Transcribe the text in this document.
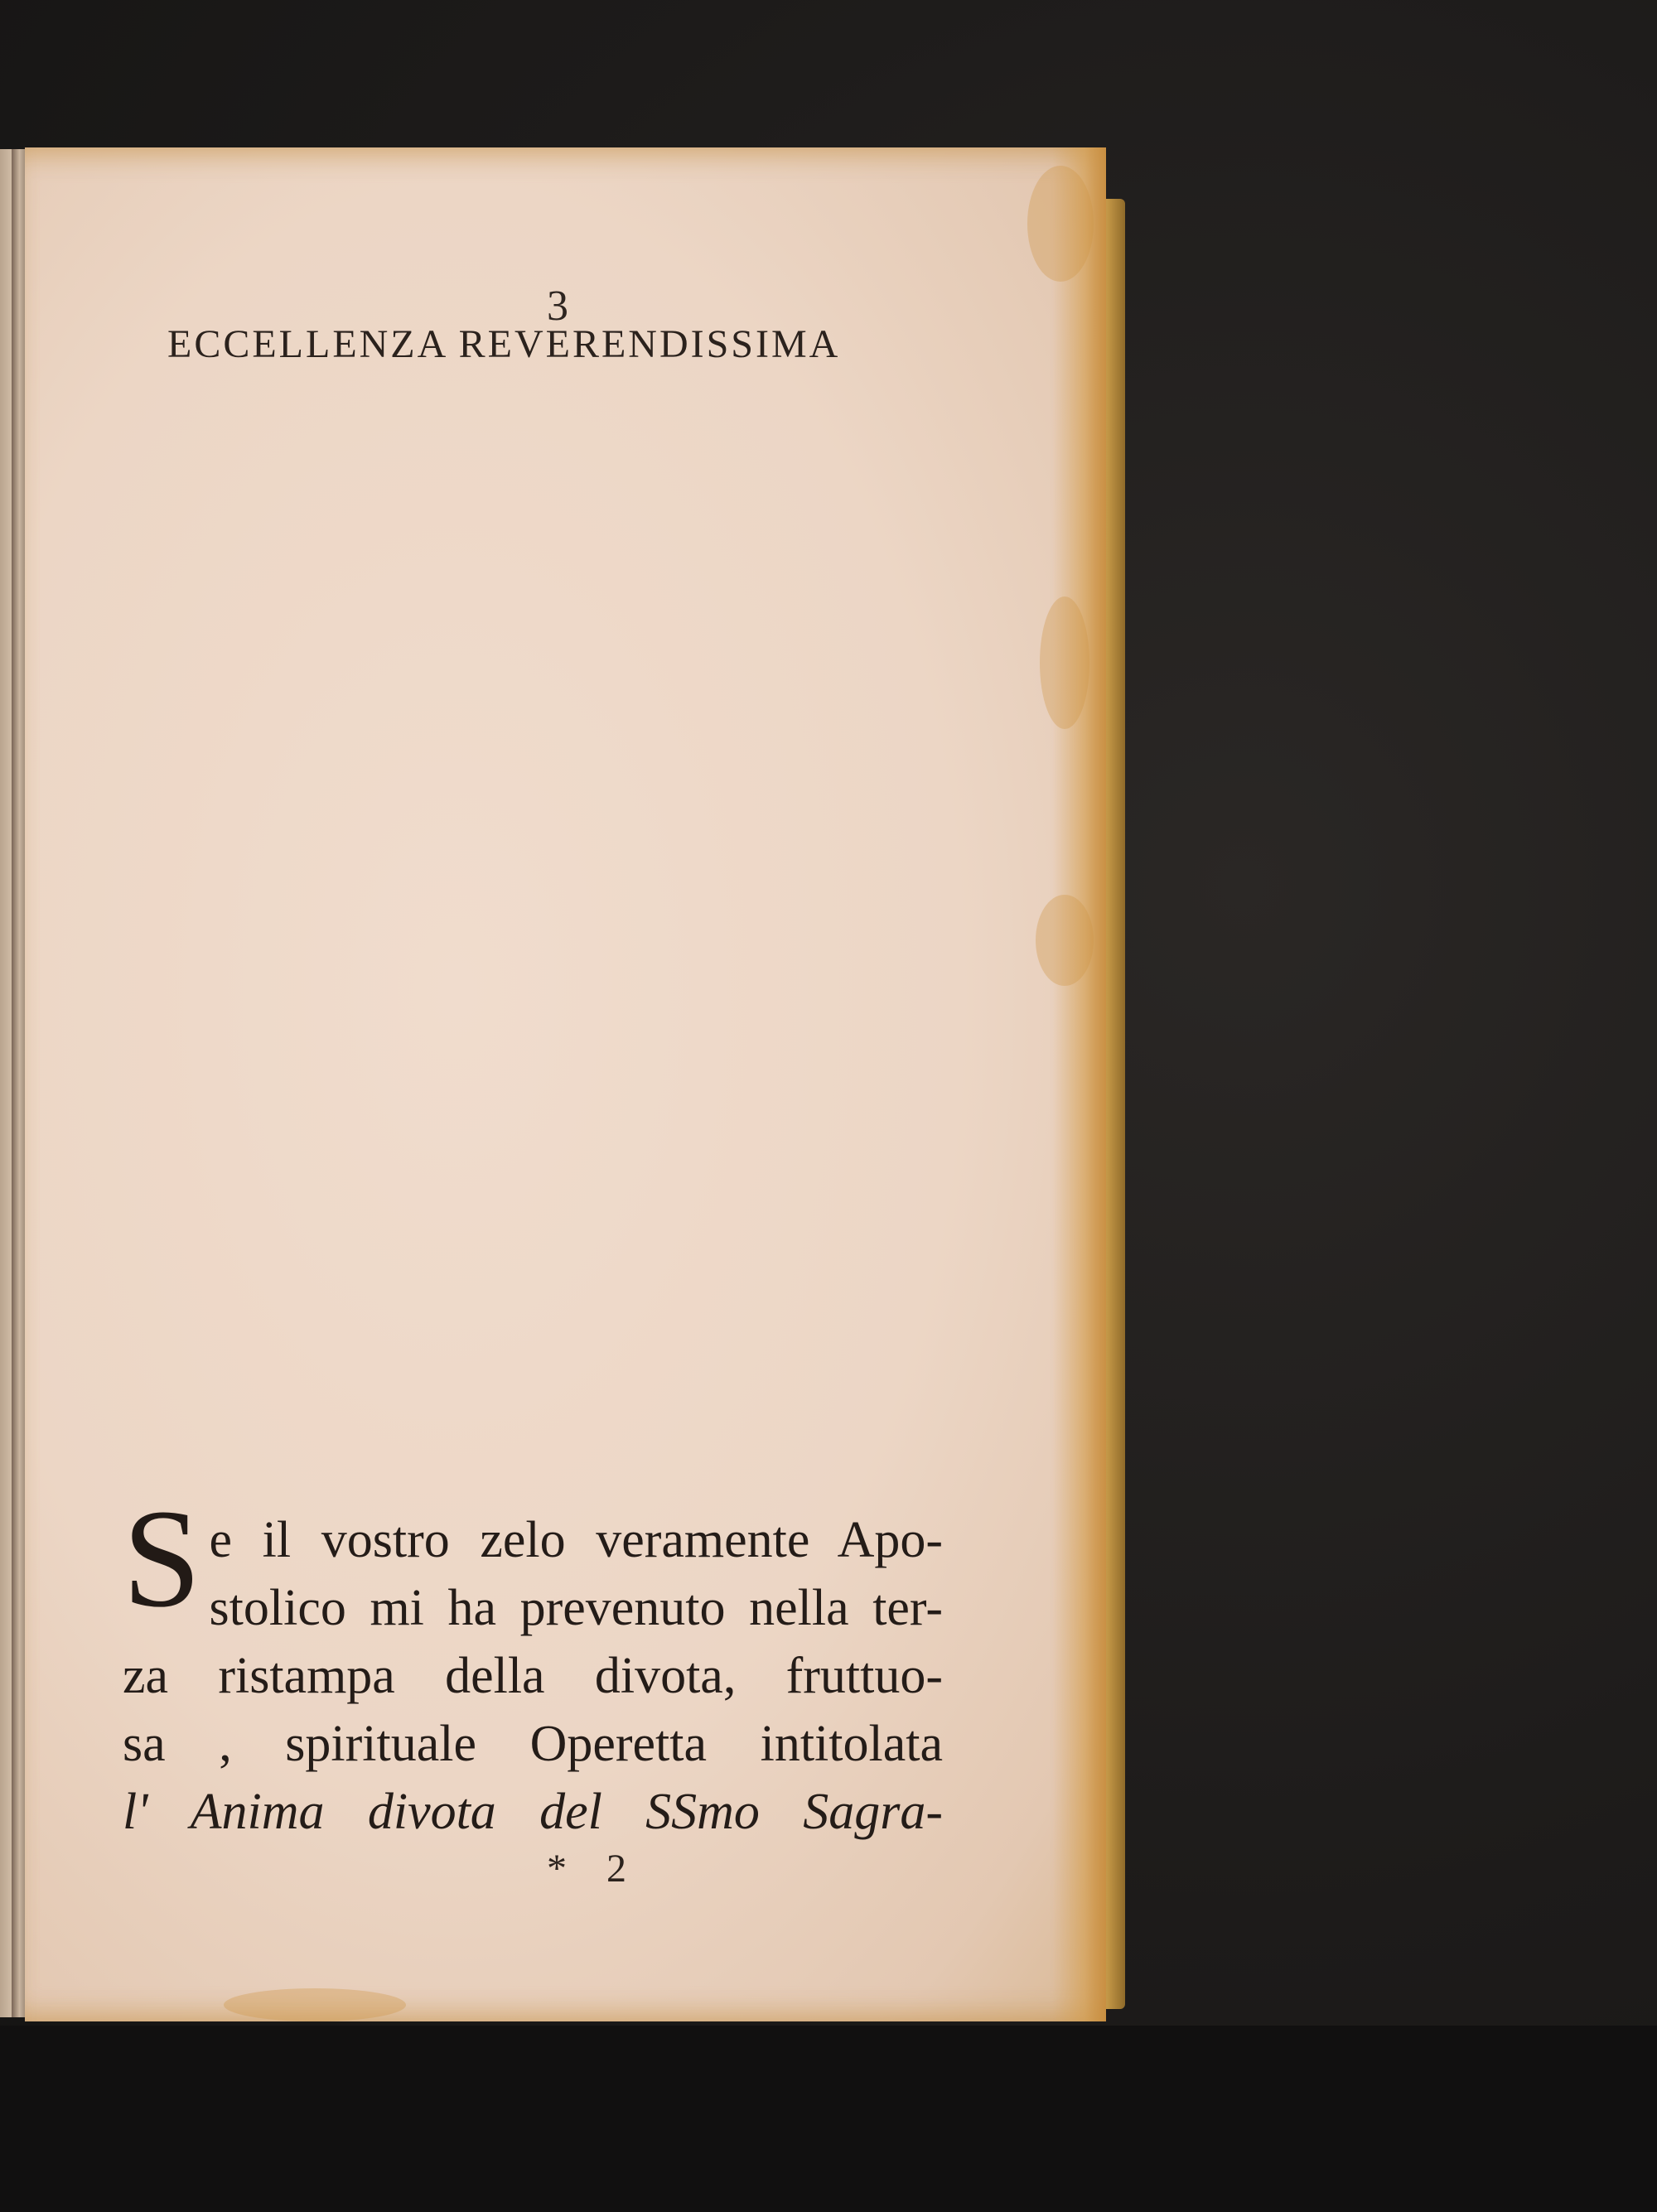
3
ECCELLENZA REVERENDISSIMA
S e il vostro zelo veramente Apo-
stolico mi ha prevenuto nella ter-
za ristampa della divota, fruttuo-
sa , spirituale Operetta intitolata
l' Anima divota del SSmo Sagra-
* 2
